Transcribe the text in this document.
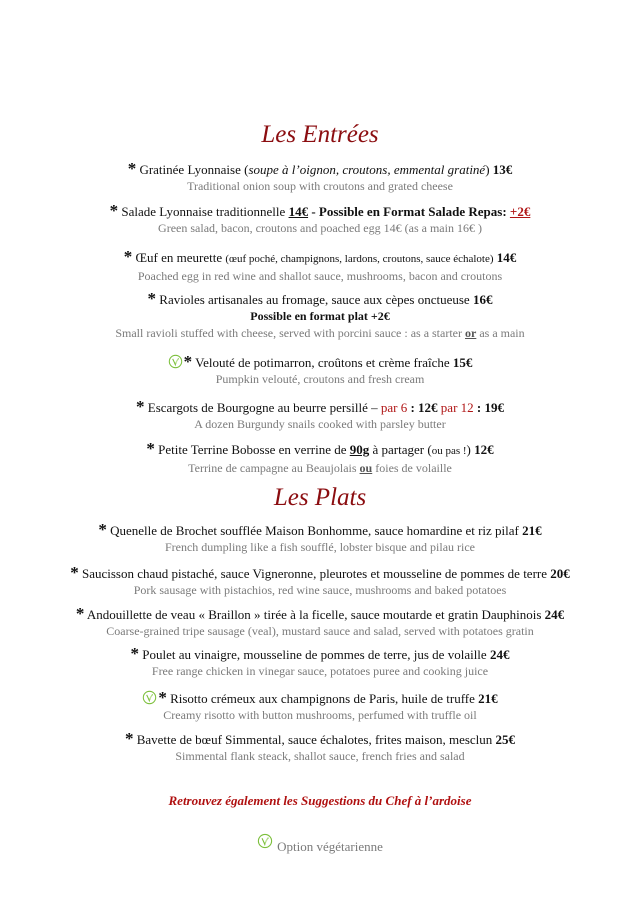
Les Entrées
* Gratinée Lyonnaise (soupe à l’oignon, croutons, emmental gratiné) 13€
Traditional onion soup with croutons and grated cheese
* Salade Lyonnaise traditionnelle 14€ - Possible en Format Salade Repas: +2€
Green salad, bacon, croutons and poached egg 14€ (as a main 16€ )
* Œuf en meurette (œuf poché, champignons, lardons, croutons, sauce échalote) 14€
Poached egg in red wine and shallot sauce, mushrooms, bacon and croutons
* Ravioles artisanales au fromage, sauce aux cèpes onctueuse 16€
Possible en format plat +2€
Small ravioli stuffed with cheese, served with porcini sauce : as a starter or as a main
* Velouté de potimarron, croûtons et crème fraîche 15€
Pumpkin velouté, croutons and fresh cream
* Escargots de Bourgogne au beurre persillé – par 6 : 12€ par 12 : 19€
A dozen Burgundy snails cooked with parsley butter
* Petite Terrine Bobosse en verrine de 90g à partager (ou pas !) 12€
Terrine de campagne au Beaujolais ou foies de volaille
Les Plats
* Quenelle de Brochet soufflée Maison Bonhomme, sauce homardine et riz pilaf 21€
French dumpling like a fish soufflé, lobster bisque and pilau rice
* Saucisson chaud pistaché, sauce Vigneronne, pleurotes et mousseline de pommes de terre 20€
Pork sausage with pistachios, red wine sauce, mushrooms and baked potatoes
* Andouillette de veau « Braillon » tirée à la ficelle, sauce moutarde et gratin Dauphinois 24€
Coarse-grained tripe sausage (veal), mustard sauce and salad, served with potatoes gratin
* Poulet au vinaigre, mousseline de pommes de terre, jus de volaille 24€
Free range chicken in vinegar sauce, potatoes puree and cooking juice
* Risotto crémeux aux champignons de Paris, huile de truffe 21€
Creamy risotto with button mushrooms, perfumed with truffle oil
* Bavette de bœuf Simmental, sauce échalotes, frites maison, mesclun 25€
Simmental flank steack, shallot sauce, french fries and salad
Retrouvez également les Suggestions du Chef à l’ardoise
Option végétarienne
